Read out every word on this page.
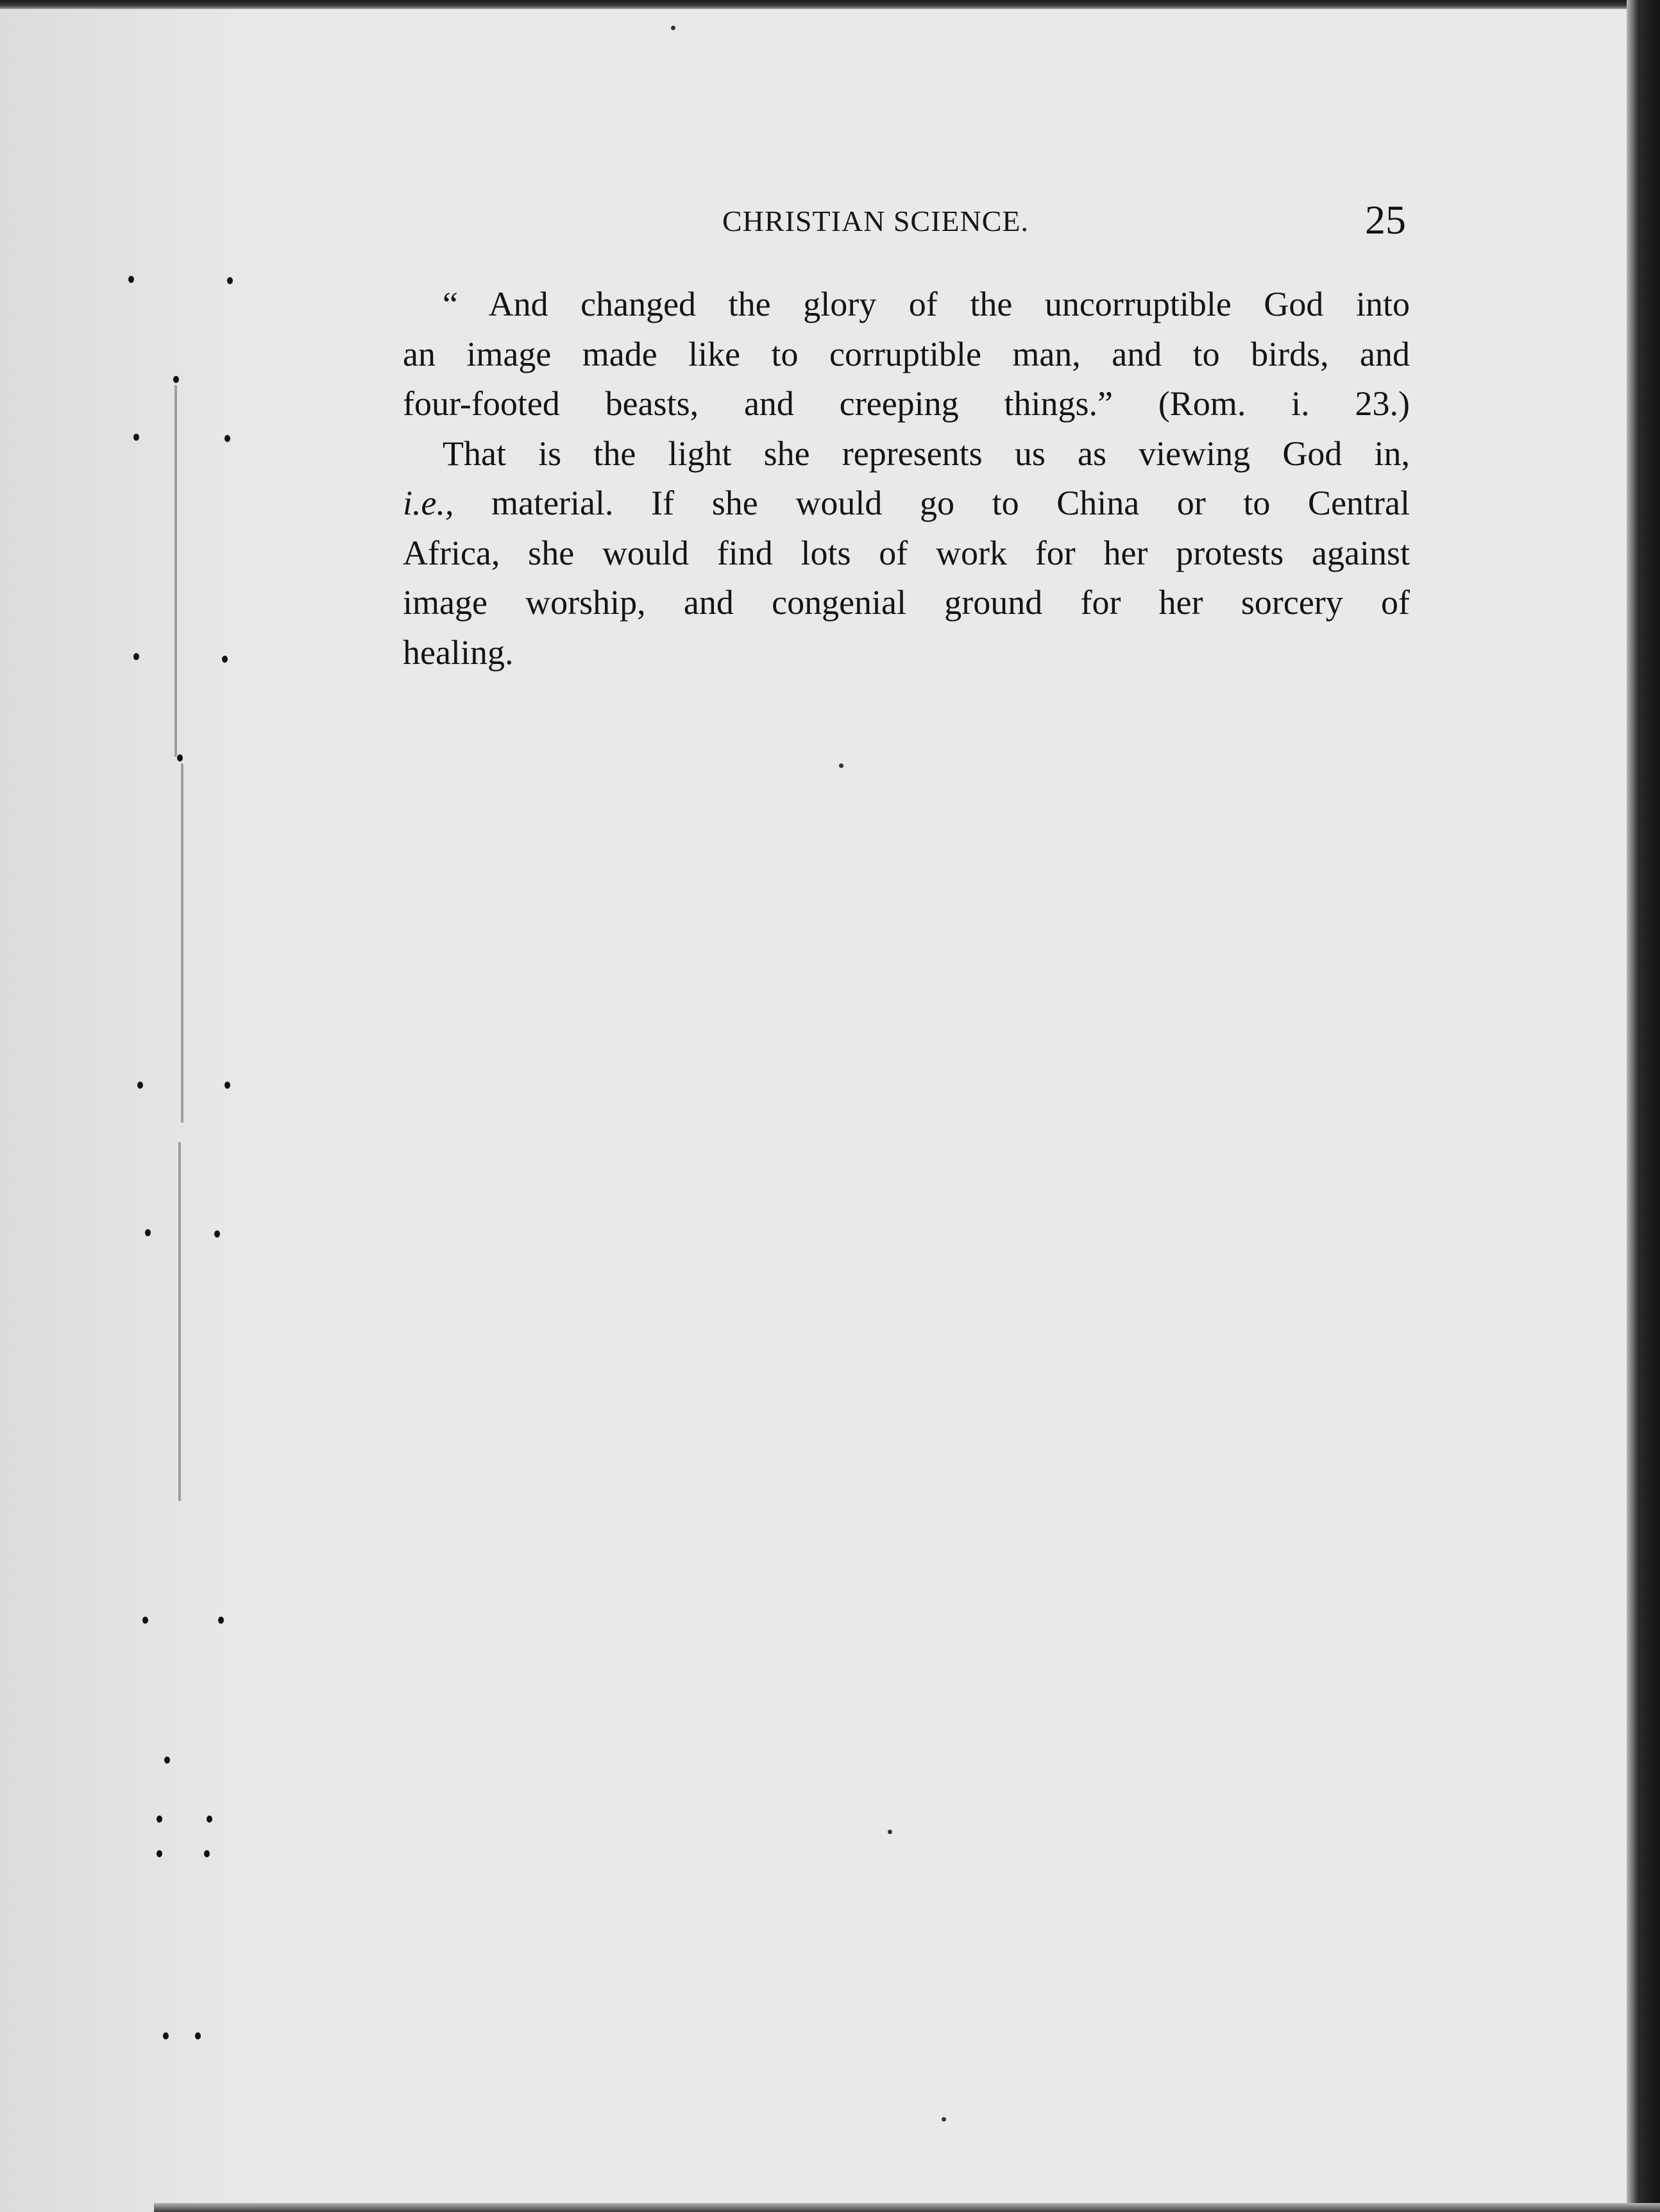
CHRISTIAN SCIENCE.	25
“ And changed the glory of the uncorruptible God into
an image made like to corruptible man, and to birds, and
four-footed beasts, and creeping things.” (Rom. i. 23.)
That is the light she represents us as viewing God in,
i.e., material. If she would go to China or to Central
Africa, she would find lots of work for her protests against
image worship, and congenial ground for her sorcery of
healing.
